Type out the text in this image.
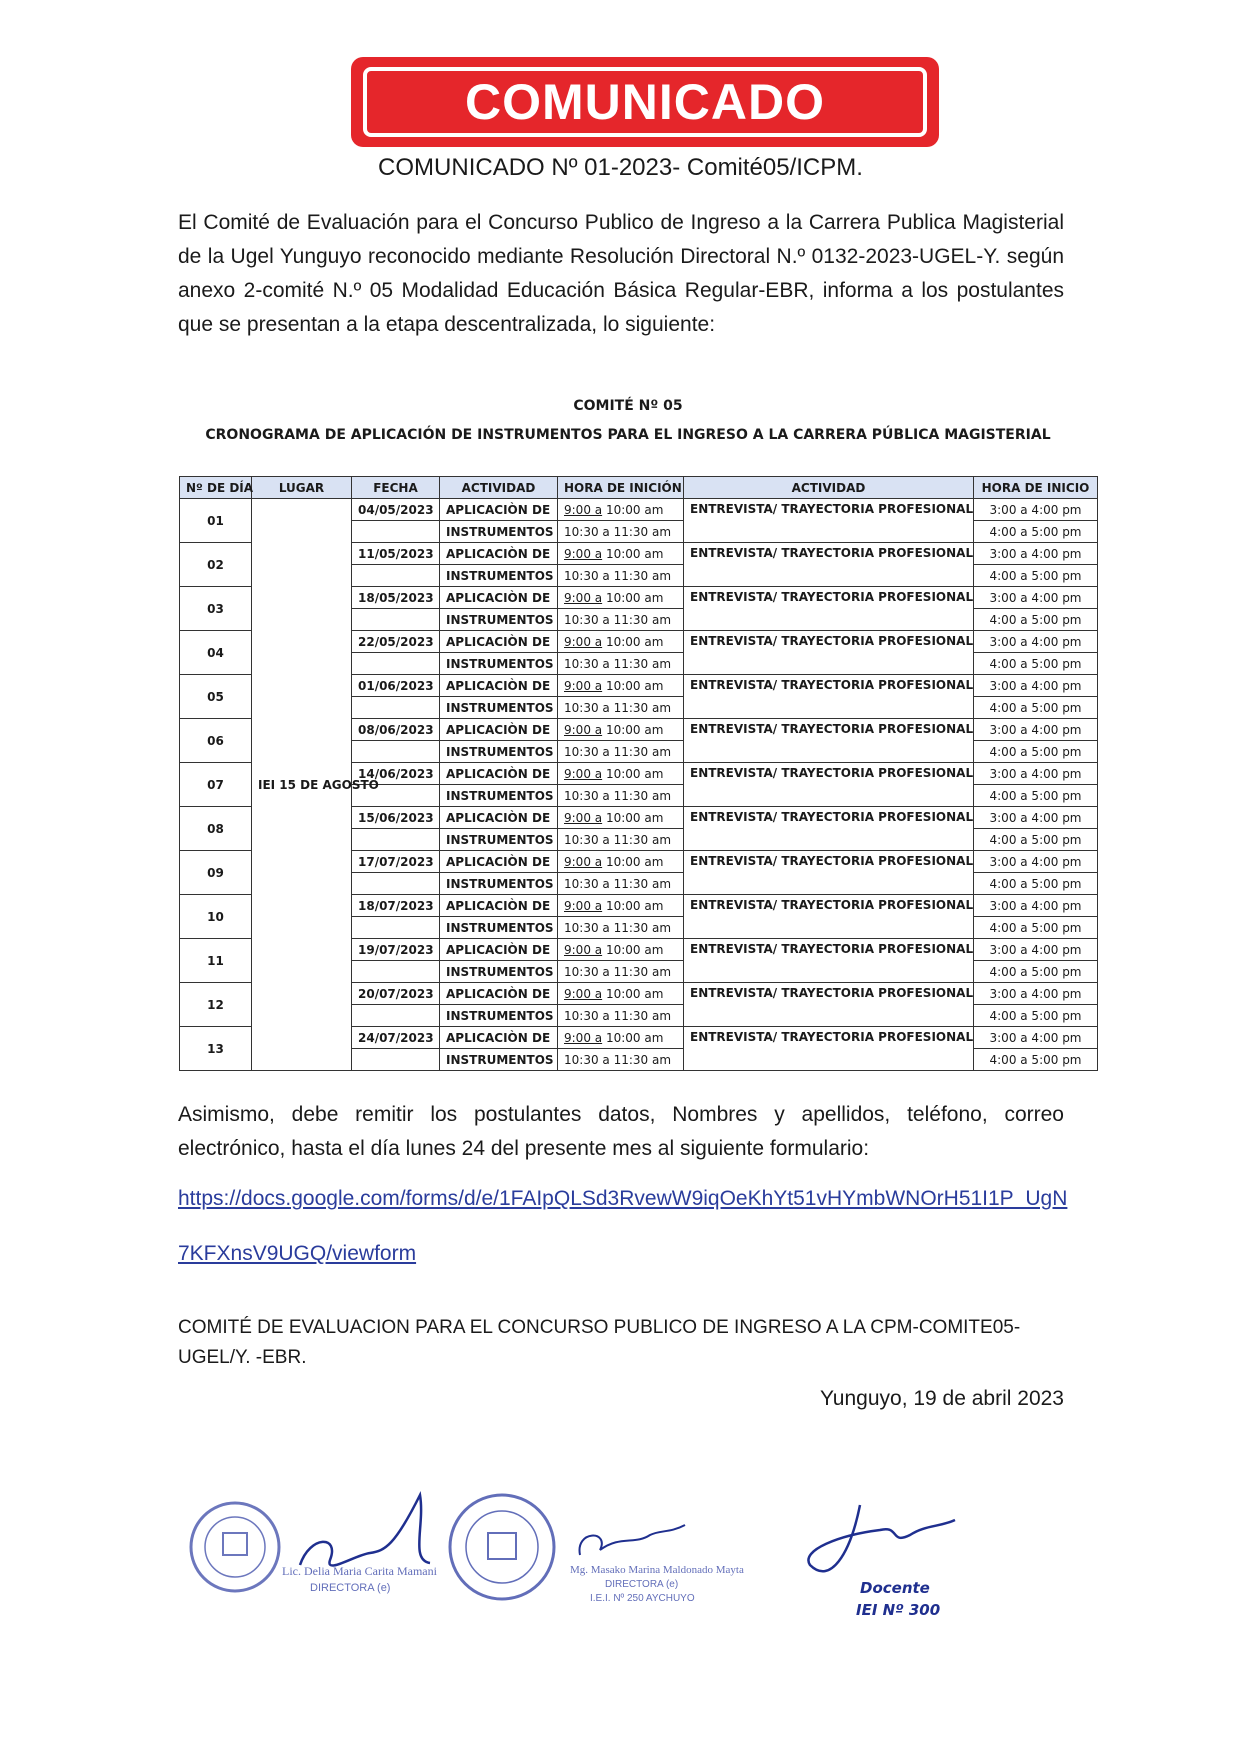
COMUNICADO
COMUNICADO Nº 01-2023- Comité05/ICPM.

El Comité de Evaluación para el Concurso Publico de Ingreso a la Carrera Publica Magisterial de la Ugel Yunguyo reconocido mediante Resolución Directoral N.º 0132-2023-UGEL-Y. según anexo 2-comité N.º 05 Modalidad Educación Básica Regular-EBR, informa a los postulantes que se presentan a la etapa descentralizada, lo siguiente:

COMITÉ Nº 05
CRONOGRAMA DE APLICACIÓN DE INSTRUMENTOS PARA EL INGRESO A LA CARRERA PÚBLICA MAGISTERIAL
Nº DE DÍA	LUGAR	FECHA	ACTIVIDAD	HORA DE INICIÓN	ACTIVIDAD	HORA DE INICIO
01	IEI 15 DE AGOSTO	04/05/2023	APLICACIÒN DE	9:00 a 10:00 am	ENTREVISTA/ TRAYECTORIA PROFESIONAL	3:00 a 4:00 pm
			INSTRUMENTOS	10:30 a 11:30 am		4:00 a 5:00 pm
02		11/05/2023	APLICACIÒN DE	9:00 a 10:00 am	ENTREVISTA/ TRAYECTORIA PROFESIONAL	3:00 a 4:00 pm
			INSTRUMENTOS	10:30 a 11:30 am		4:00 a 5:00 pm
03		18/05/2023	APLICACIÒN DE	9:00 a 10:00 am	ENTREVISTA/ TRAYECTORIA PROFESIONAL	3:00 a 4:00 pm
			INSTRUMENTOS	10:30 a 11:30 am		4:00 a 5:00 pm
04		22/05/2023	APLICACIÒN DE	9:00 a 10:00 am	ENTREVISTA/ TRAYECTORIA PROFESIONAL	3:00 a 4:00 pm
			INSTRUMENTOS	10:30 a 11:30 am		4:00 a 5:00 pm
05		01/06/2023	APLICACIÒN DE	9:00 a 10:00 am	ENTREVISTA/ TRAYECTORIA PROFESIONAL	3:00 a 4:00 pm
			INSTRUMENTOS	10:30 a 11:30 am		4:00 a 5:00 pm
06		08/06/2023	APLICACIÒN DE	9:00 a 10:00 am	ENTREVISTA/ TRAYECTORIA PROFESIONAL	3:00 a 4:00 pm
			INSTRUMENTOS	10:30 a 11:30 am		4:00 a 5:00 pm
07		14/06/2023	APLICACIÒN DE	9:00 a 10:00 am	ENTREVISTA/ TRAYECTORIA PROFESIONAL	3:00 a 4:00 pm
			INSTRUMENTOS	10:30 a 11:30 am		4:00 a 5:00 pm
08		15/06/2023	APLICACIÒN DE	9:00 a 10:00 am	ENTREVISTA/ TRAYECTORIA PROFESIONAL	3:00 a 4:00 pm
			INSTRUMENTOS	10:30 a 11:30 am		4:00 a 5:00 pm
09		17/07/2023	APLICACIÒN DE	9:00 a 10:00 am	ENTREVISTA/ TRAYECTORIA PROFESIONAL	3:00 a 4:00 pm
			INSTRUMENTOS	10:30 a 11:30 am		4:00 a 5:00 pm
10		18/07/2023	APLICACIÒN DE	9:00 a 10:00 am	ENTREVISTA/ TRAYECTORIA PROFESIONAL	3:00 a 4:00 pm
			INSTRUMENTOS	10:30 a 11:30 am		4:00 a 5:00 pm
11		19/07/2023	APLICACIÒN DE	9:00 a 10:00 am	ENTREVISTA/ TRAYECTORIA PROFESIONAL	3:00 a 4:00 pm
			INSTRUMENTOS	10:30 a 11:30 am		4:00 a 5:00 pm
12		20/07/2023	APLICACIÒN DE	9:00 a 10:00 am	ENTREVISTA/ TRAYECTORIA PROFESIONAL	3:00 a 4:00 pm
			INSTRUMENTOS	10:30 a 11:30 am		4:00 a 5:00 pm
13		24/07/2023	APLICACIÒN DE	9:00 a 10:00 am	ENTREVISTA/ TRAYECTORIA PROFESIONAL	3:00 a 4:00 pm
			INSTRUMENTOS	10:30 a 11:30 am		4:00 a 5:00 pm

Asimismo, debe remitir los postulantes datos, Nombres y apellidos, teléfono, correo electrónico, hasta el día lunes 24 del presente mes al siguiente formulario:

https://docs.google.com/forms/d/e/1FAIpQLSd3RvewW9iqOeKhYt51vHYmbWNOrH51I1P_UgN
7KFXnsV9UGQ/viewform

COMITÉ DE EVALUACION PARA EL CONCURSO PUBLICO DE INGRESO A LA CPM-COMITE05-UGEL/Y. -EBR.

Yunguyo, 19 de abril 2023
Lic. Delia Maria Carita Mamani
DIRECTORA (e)
Mg. Masako Marina Maldonado Mayta
DIRECTORA (e)
I.E.I. Nº 250 AYCHUYO
Docente
IEI Nº 300
